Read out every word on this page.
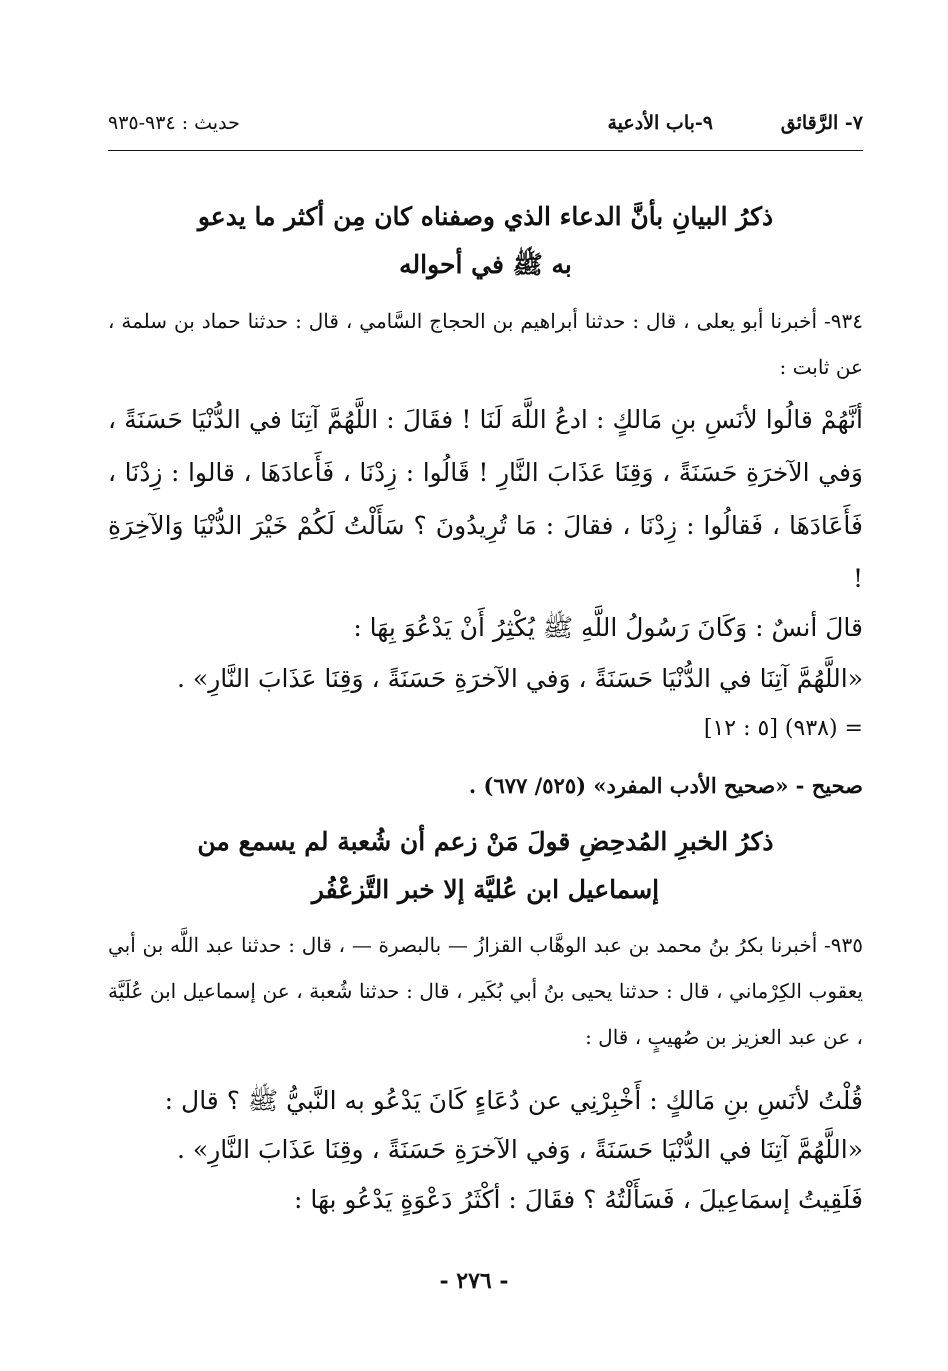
٧- الرَّقائق
٩-باب الأدعية
حديث : ٩٣٤-٩٣٥
ذكرُ البيانِ بأنَّ الدعاء الذي وصفناه كان مِن أكثر ما يدعو
به ﷺ في أحواله
٩٣٤- أخبرنا أبو يعلى ، قال : حدثنا أبراهيم بن الحجاج السَّامي ، قال : حدثنا حماد بن سلمة ، عن ثابت :
أنَّهُمْ قالُوا لأنَسِ بنِ مَالكٍ : ادعُ اللَّهَ لَنَا ! فقَالَ : اللَّهُمَّ آتِنَا في الدُّنْيَا حَسَنَةً ، وَفي الآخرَةِ حَسَنَةً ، وَقِنَا عَذَابَ النَّارِ ! قَالُوا : زِدْنَا ، فَأَعادَهَا ، قالوا : زِدْنَا ، فَأَعَادَهَا ، فَقالُوا : زِدْنَا ، فقالَ : مَا تُرِيدُونَ ؟ سَأَلْتُ لَكُمْ خَيْرَ الدُّنْيَا وَالآخِرَةِ !
قالَ أنسٌ : وَكَانَ رَسُولُ اللَّهِ ﷺ يُكْثِرُ أَنْ يَدْعُوَ بِهَا :
«اللَّهُمَّ آتِنَا في الدُّنْيَا حَسَنَةً ، وَفي الآخرَةِ حَسَنَةً ، وَقِنَا عَذَابَ النَّارِ» .
= (٩٣٨) [٥ : ١٢]
صحيح - «صحيح الأدب المفرد» (٥٢٥/ ٦٧٧) .
ذكرُ الخبرِ المُدحِضِ قولَ مَنْ زعم أن شُعبة لم يسمع من
إسماعيل ابن عُليَّة إلا خبر التَّزعْفُر
٩٣٥- أخبرنا بكرُ بنُ محمد بن عبد الوهَّاب القزازُ — بالبصرة — ، قال : حدثنا عبد اللَّه بن أبي يعقوب الكِرْماني ، قال : حدثنا يحيى بنُ أبي بُكَير ، قال : حدثنا شُعبة ، عن إسماعيل ابن عُلَيَّة ، عن عبد العزيز بن صُهيبٍ ، قال :
قُلْتُ لأنَسِ بنِ مَالكٍ : أَخْبِرْنِي عن دُعَاءٍ كَانَ يَدْعُو به النَّبيُّ ﷺ ؟ قال :
«اللَّهُمَّ آتِنَا في الدُّنْيَا حَسَنَةً ، وَفي الآخرَةِ حَسَنَةً ، وقِنَا عَذَابَ النَّارِ» .
فَلَقِيتُ إسمَاعِيلَ ، فَسَأَلْتُهُ ؟ فقَالَ : أكْثَرُ دَعْوَةٍ يَدْعُو بهَا :
- ٢٧٦ -
